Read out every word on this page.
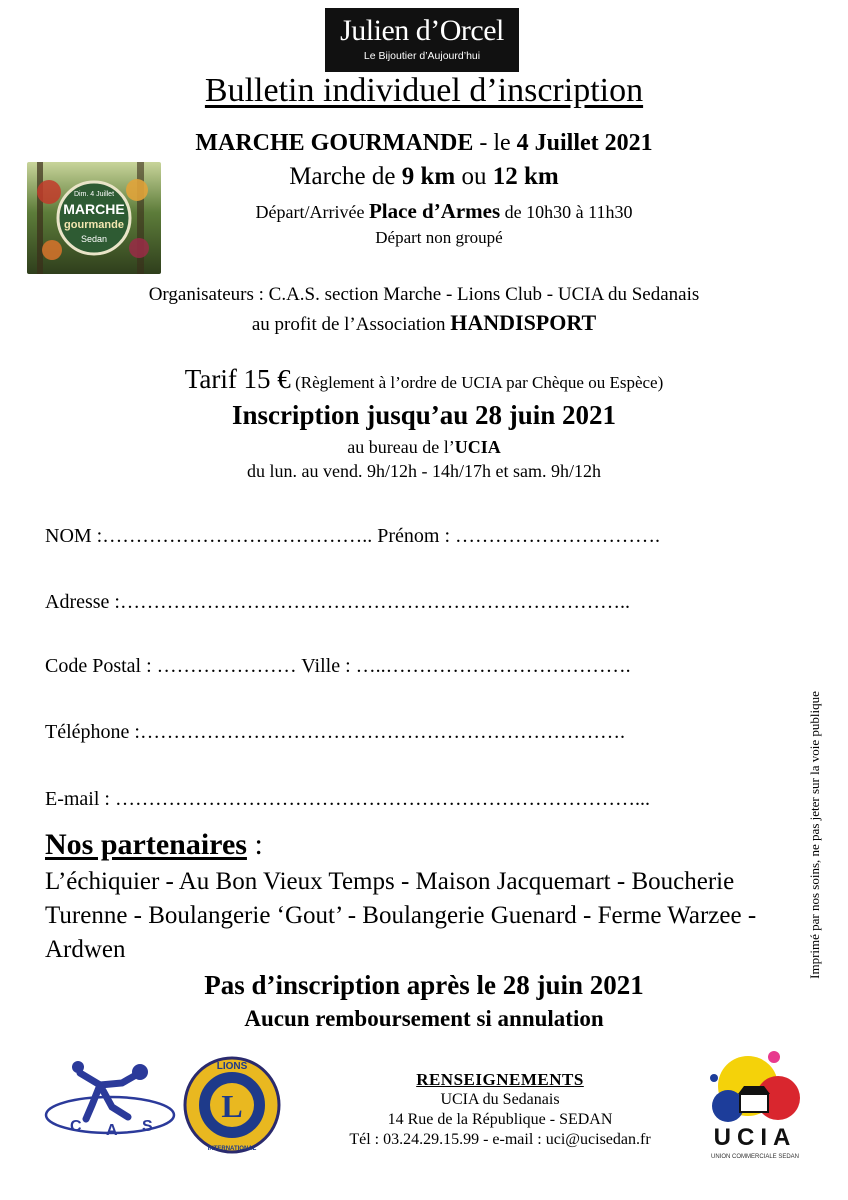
Julien d’Orcel
Le Bijoutier d’Aujourd’hui
Bulletin individuel d’inscription
MARCHE GOURMANDE - le 4 Juillet 2021
Marche de 9 km ou 12 km
Départ/Arrivée Place d’Armes de 10h30 à 11h30
Départ non groupé
Dim. 4 Juillet
MARCHE
gourmande
Sedan
Organisateurs : C.A.S. section Marche - Lions Club - UCIA du Sedanais
au profit de l’Association HANDISPORT
Tarif 15 € (Règlement à l’ordre de UCIA par Chèque ou Espèce)
Inscription jusqu’au 28 juin 2021
au bureau de l’UCIA
du lun. au vend. 9h/12h - 14h/17h et sam. 9h/12h
NOM :………………………………….. Prénom : ………………………….
Adresse :…………………………………………………………………..
Code Postal : ………………… Ville : …..……………………………….
Téléphone :……………………………………………………………….
E-mail : ……………………………………………………………………...
Nos partenaires :
L’échiquier - Au Bon Vieux Temps - Maison Jacquemart - Boucherie Turenne - Boulangerie ‘Gout’ - Boulangerie Guenard - Ferme Warzee - Ardwen
Pas d’inscription après le 28 juin 2021
Aucun remboursement si annulation
Imprimé par nos soins, ne pas jeter sur la voie publique
C A S
L
LIONS
INTERNATIONAL
RENSEIGNEMENTS
UCIA du Sedanais
14 Rue de la République - SEDAN
Tél : 03.24.29.15.99 - e-mail : uci@ucisedan.fr	UCIA
UNION COMMERCIALE SEDAN
